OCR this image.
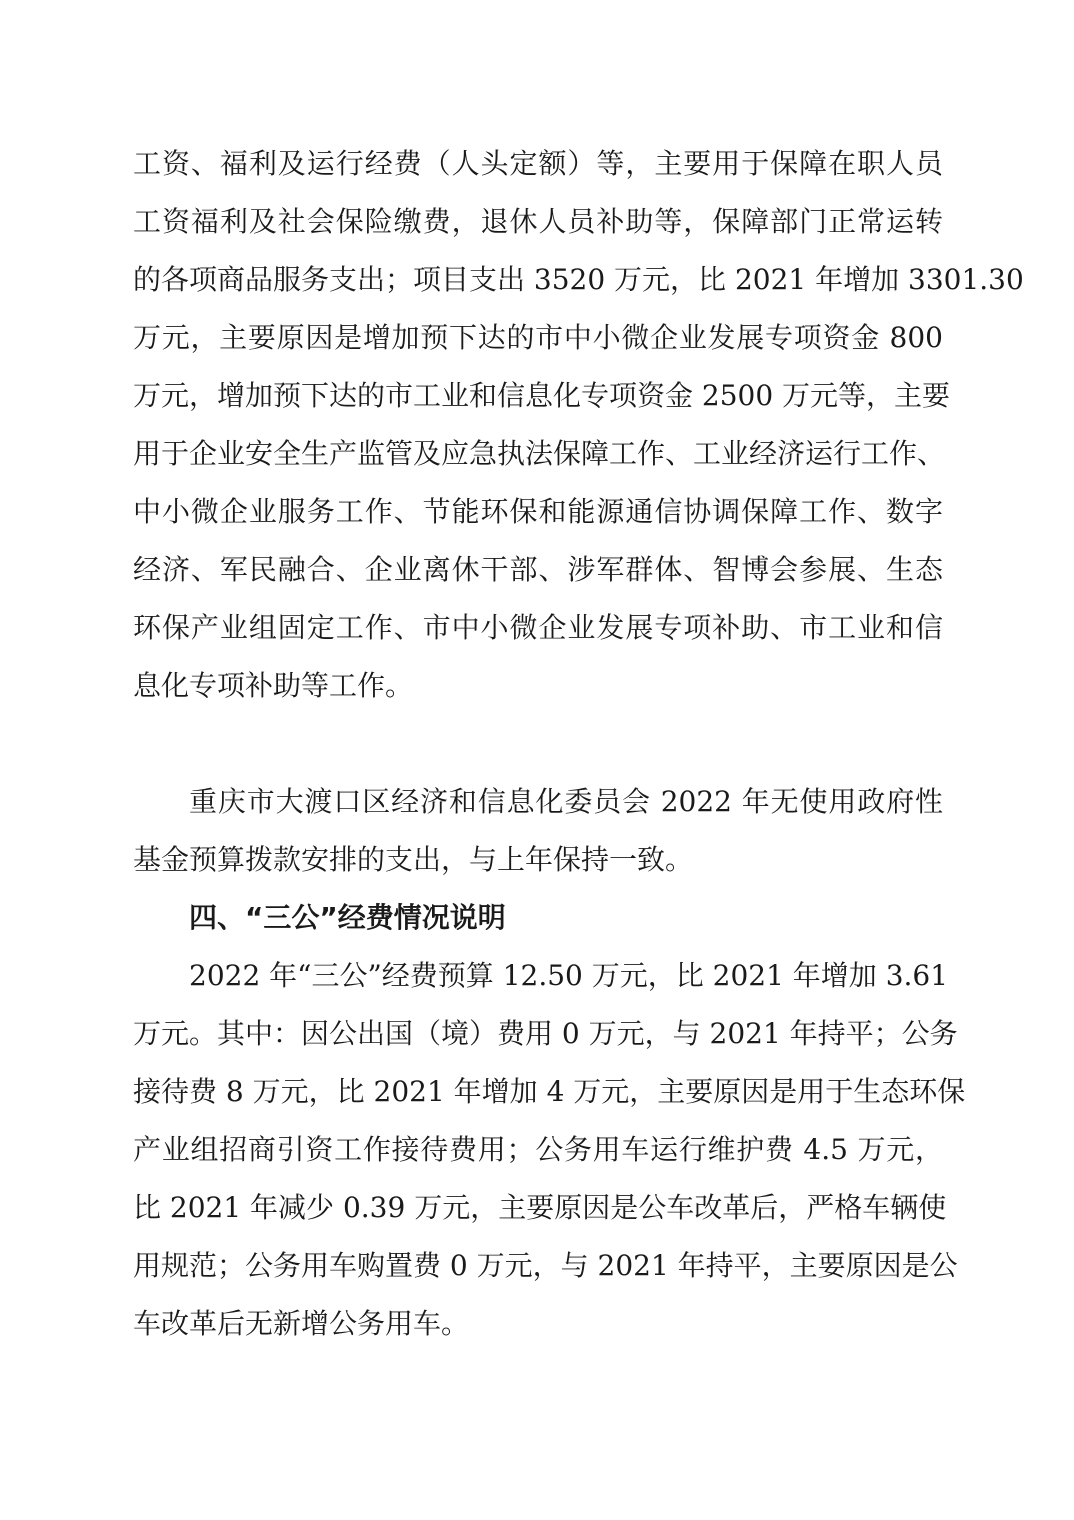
工资、福利及运行经费（人头定额）等，主要用于保障在职人员
工资福利及社会保险缴费，退休人员补助等，保障部门正常运转
的各项商品服务支出；项目支出 3520 万元，比 2021 年增加 3301.30
万元，主要原因是增加预下达的市中小微企业发展专项资金 800
万元，增加预下达的市工业和信息化专项资金 2500 万元等，主要
用于企业安全生产监管及应急执法保障工作、工业经济运行工作、
中小微企业服务工作、节能环保和能源通信协调保障工作、数字
经济、军民融合、企业离休干部、涉军群体、智博会参展、生态
环保产业组固定工作、市中小微企业发展专项补助、市工业和信
息化专项补助等工作。
重庆市大渡口区经济和信息化委员会 2022 年无使用政府性
基金预算拨款安排的支出，与上年保持一致。
四、“三公”经费情况说明
2022 年“三公”经费预算 12.50 万元，比 2021 年增加 3.61
万元。其中：因公出国（境）费用 0 万元，与 2021 年持平；公务
接待费 8 万元，比 2021 年增加 4 万元，主要原因是用于生态环保
产业组招商引资工作接待费用；公务用车运行维护费 4.5 万元，
比 2021 年减少 0.39 万元，主要原因是公车改革后，严格车辆使
用规范；公务用车购置费 0 万元，与 2021 年持平，主要原因是公
车改革后无新增公务用车。
